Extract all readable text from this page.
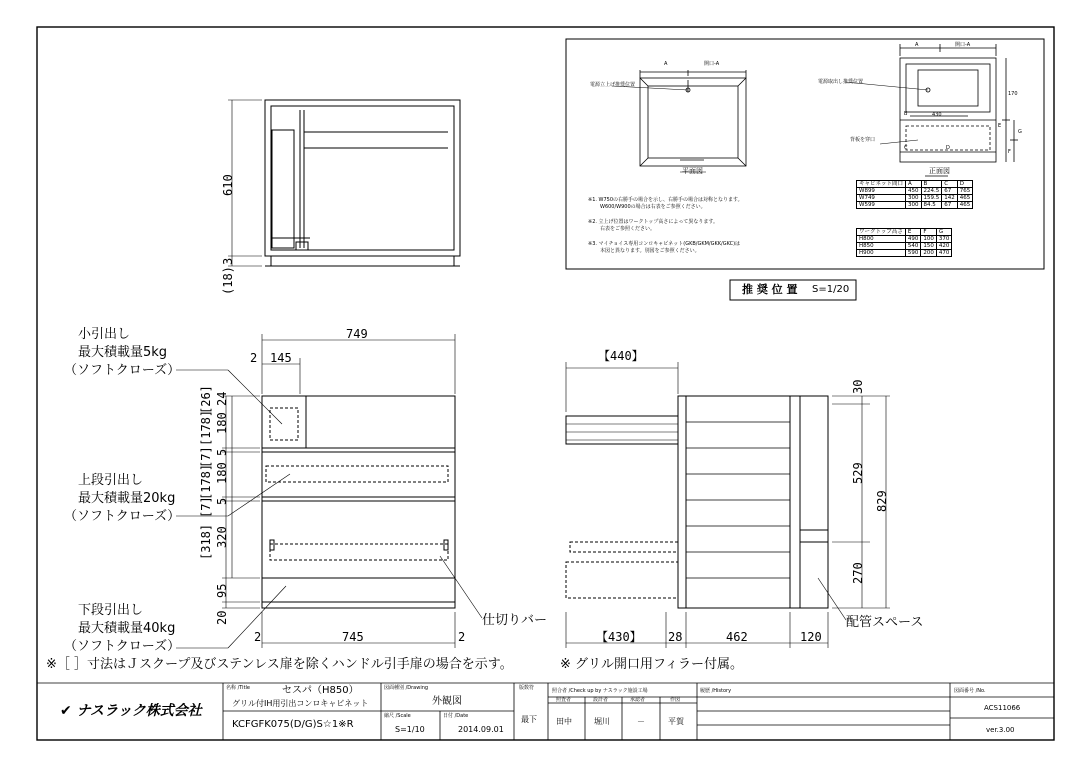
A	開口-A
電源立上げ推奨位置
平面図
A	開口-A
電源取出し推奨位置
背板を穿口
430
170
B
C	D
E
F
G
正面図
※1. W750の右勝手の場合を示し、右勝手の場合は対称となります。
W600/W900の場合は右表をご参照ください。
※2. 立上げ位置はワークトップ高さによって異なります。
右表をご参照ください。
※3. マイチョイス専用コンロキャビネット(GKB/GKM/GKK/GKC)は
本図と異なります。別図をご参照ください。
キャビネット間口	A	B	C	D
W899	450	224.5	67	765
W749	300	159.5	142	465
W599	300	84.5	67	465
ワークトップ高さ	E	F	G
H800	490	100	370
H850	540	150	420
H900	590	200	470
推 奨 位 置 S=1/20
610
3
(18)
749
2 145
745
2	2
24
180
5
180
5
320
95
20
[26]
[178]
[7]
[178]
[7]
[318]
小引出し
最大積載量5kg
（ソフトクローズ）
上段引出し
最大積載量20kg
（ソフトクローズ）
下段引出し
最大積載量40kg
（ソフトクローズ）
仕切りバー
【440】
【430】 28	462	120
30
529
829
270
配管スペース
※［ ］寸法はＪスクープ及びステンレス扉を除くハンドル引手扉の場合を示す。	※ グリル開口用フィラー付属。
✔ ナスラック株式会社
名称 /Title	セスパ（H850）
グリル付IH用引出コンロキャビネット
KCFGFK075(D/G)S☆1※R
図面種別 /Drawing
外観図
縮尺 /Scale
S=1/10
日付 /Date
2014.09.01
版数符
最下
照合者 /Check up by ナスラック施設工場
照査者	設計者	承認者	作図
田中	堀川	－	平賀
履歴 /History	図面番号 /No.
ACS11066
ver.3.00
